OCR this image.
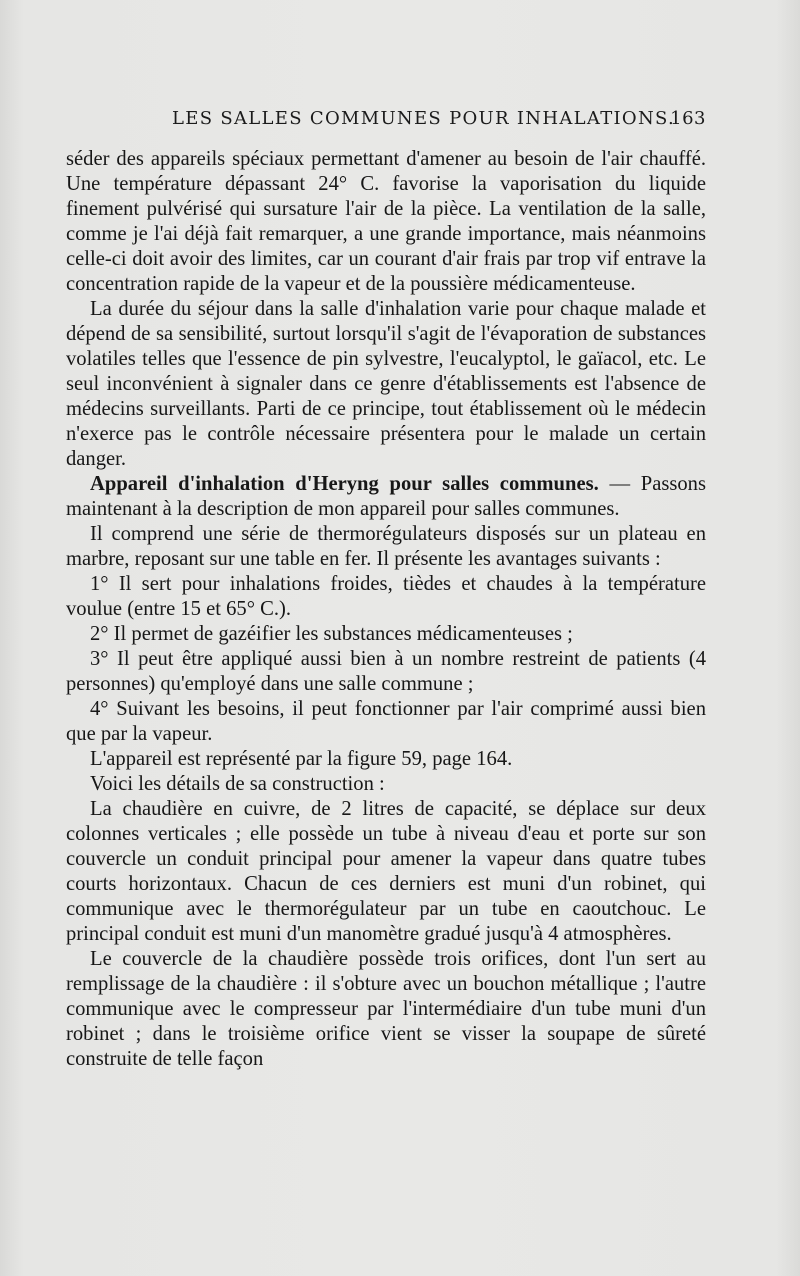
LES SALLES COMMUNES POUR INHALATIONS.
163

séder des appareils spéciaux permettant d'amener au besoin de l'air chauffé. Une température dépassant 24° C. favorise la vaporisation du liquide finement pulvérisé qui sursature l'air de la pièce. La ventilation de la salle, comme je l'ai déjà fait remarquer, a une grande importance, mais néanmoins celle-ci doit avoir des limites, car un courant d'air frais par trop vif entrave la concentration rapide de la vapeur et de la poussière médicamenteuse.

La durée du séjour dans la salle d'inhalation varie pour chaque malade et dépend de sa sensibilité, surtout lorsqu'il s'agit de l'évaporation de substances volatiles telles que l'essence de pin sylvestre, l'eucalyptol, le gaïacol, etc. Le seul inconvénient à signaler dans ce genre d'établissements est l'absence de médecins surveillants. Parti de ce principe, tout établissement où le médecin n'exerce pas le contrôle nécessaire présentera pour le malade un certain danger.

Appareil d'inhalation d'Heryng pour salles communes. — Passons maintenant à la description de mon appareil pour salles communes.

Il comprend une série de thermorégulateurs disposés sur un plateau en marbre, reposant sur une table en fer. Il présente les avantages suivants :

1° Il sert pour inhalations froides, tièdes et chaudes à la température voulue (entre 15 et 65° C.).

2° Il permet de gazéifier les substances médicamenteuses ;

3° Il peut être appliqué aussi bien à un nombre restreint de patients (4 personnes) qu'employé dans une salle commune ;

4° Suivant les besoins, il peut fonctionner par l'air comprimé aussi bien que par la vapeur.

L'appareil est représenté par la figure 59, page 164.

Voici les détails de sa construction :

La chaudière en cuivre, de 2 litres de capacité, se déplace sur deux colonnes verticales ; elle possède un tube à niveau d'eau et porte sur son couvercle un conduit principal pour amener la vapeur dans quatre tubes courts horizontaux. Chacun de ces derniers est muni d'un robinet, qui communique avec le thermorégulateur par un tube en caoutchouc. Le principal conduit est muni d'un manomètre gradué jusqu'à 4 atmosphères.

Le couvercle de la chaudière possède trois orifices, dont l'un sert au remplissage de la chaudière : il s'obture avec un bouchon métallique ; l'autre communique avec le compresseur par l'intermédiaire d'un tube muni d'un robinet ; dans le troisième orifice vient se visser la soupape de sûreté construite de telle façon
